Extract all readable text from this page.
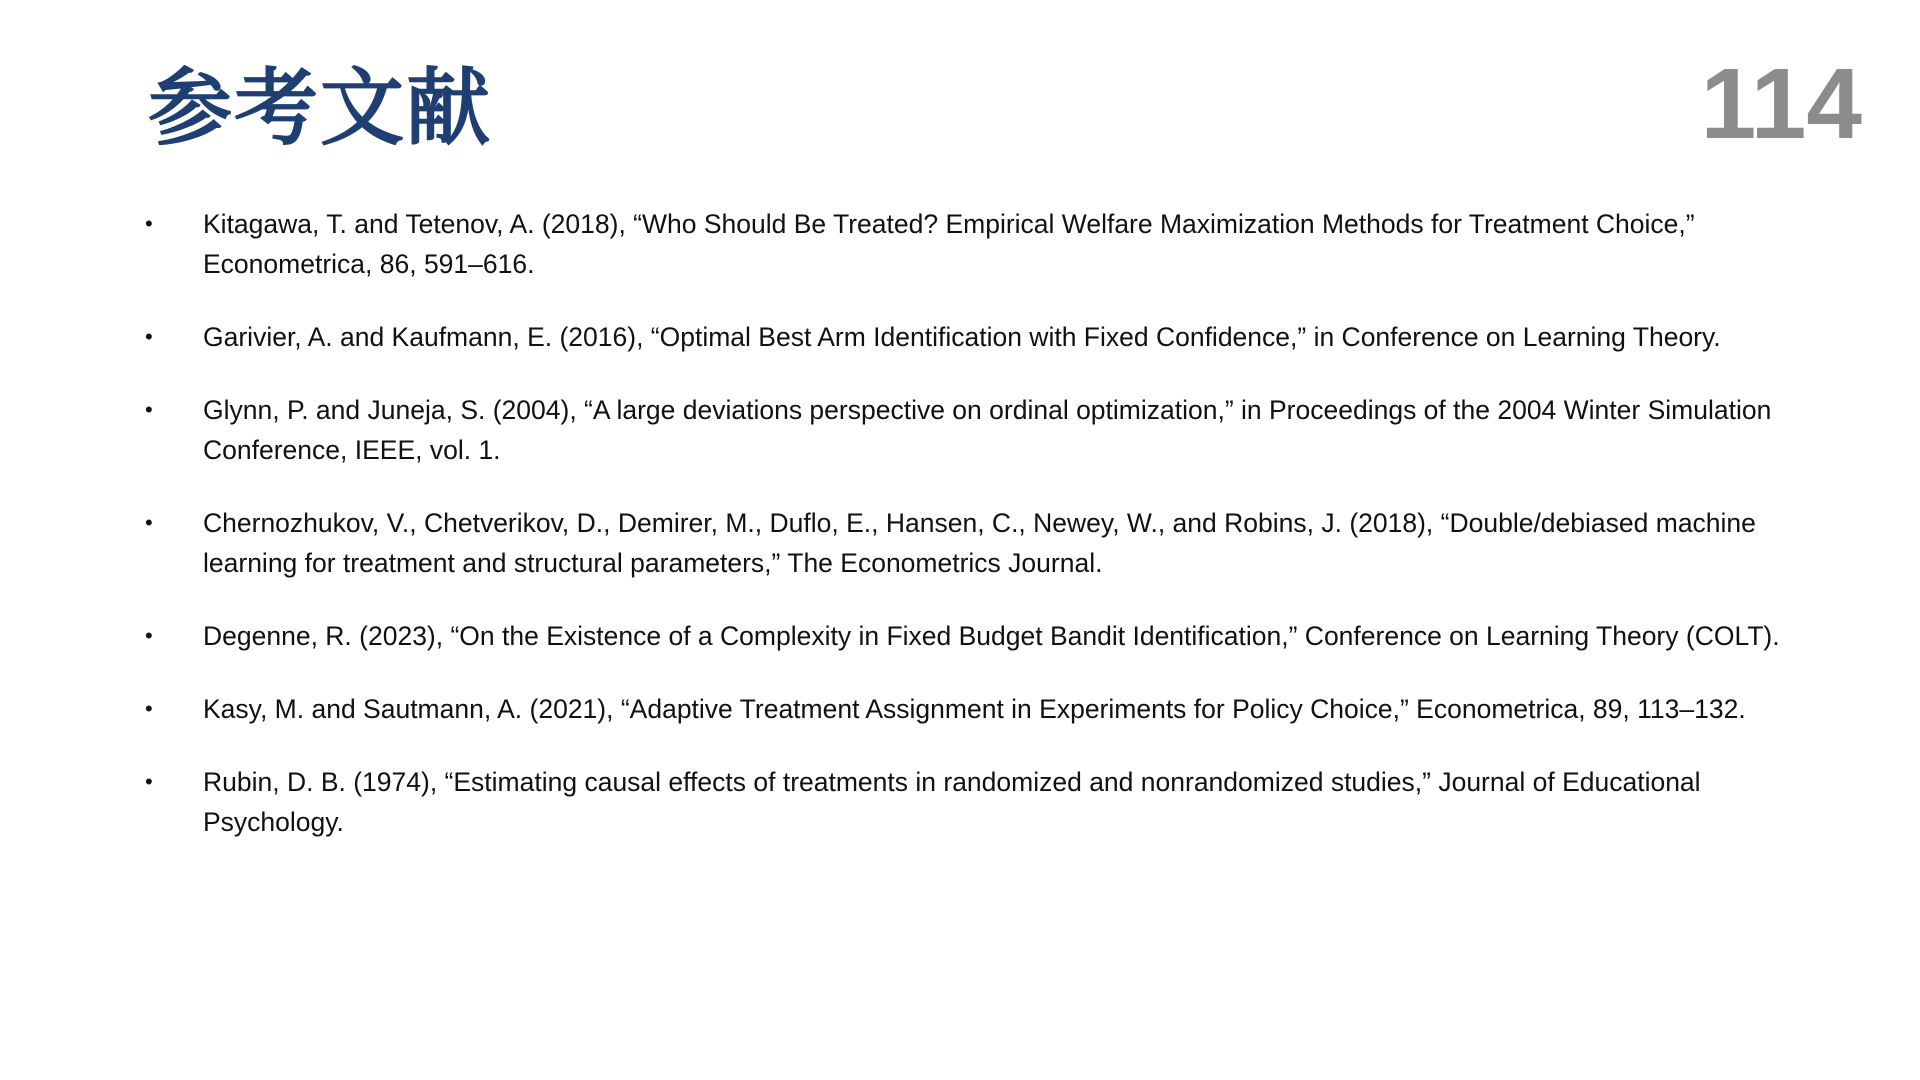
参考文献	114
•	Kitagawa, T. and Tetenov, A. (2018), “Who Should Be Treated? Empirical Welfare Maximization Methods for Treatment Choice,” Econometrica, 86, 591–616.
•	Garivier, A. and Kaufmann, E. (2016), “Optimal Best Arm Identification with Fixed Confidence,” in Conference on Learning Theory.
•	Glynn, P. and Juneja, S. (2004), “A large deviations perspective on ordinal optimization,” in Proceedings of the 2004 Winter Simulation Conference, IEEE, vol. 1.
•	Chernozhukov, V., Chetverikov, D., Demirer, M., Duflo, E., Hansen, C., Newey, W., and Robins, J. (2018), “Double/debiased machine learning for treatment and structural parameters,” The Econometrics Journal.
•	Degenne, R. (2023), “On the Existence of a Complexity in Fixed Budget Bandit Identification,” Conference on Learning Theory (COLT).
•	Kasy, M. and Sautmann, A. (2021), “Adaptive Treatment Assignment in Experiments for Policy Choice,” Econometrica, 89, 113–132.
•	Rubin, D. B. (1974), “Estimating causal effects of treatments in randomized and nonrandomized studies,” Journal of Educational Psychology.
